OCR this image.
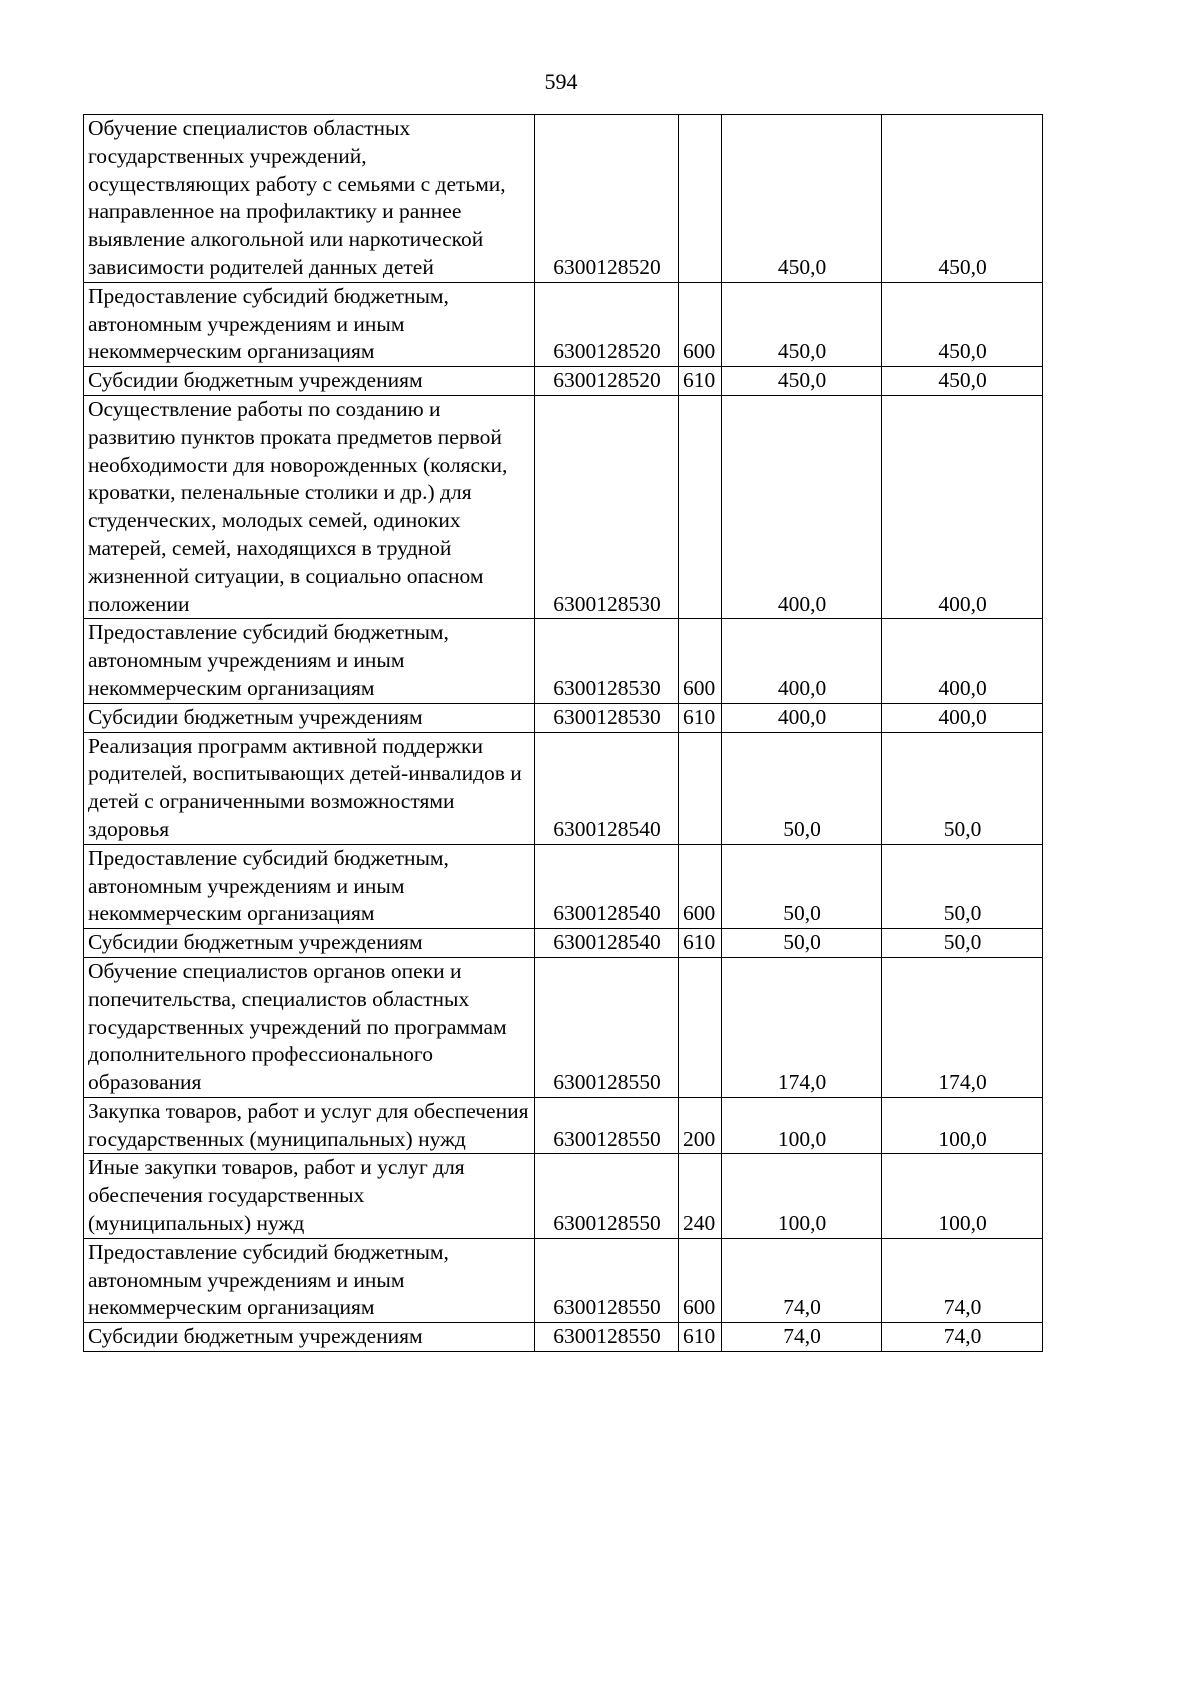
594
Обучение специалистов областных государственных учреждений, осуществляющих работу с семьями с детьми, направленное на профилактику и раннее выявление алкогольной или наркотической зависимости родителей данных детей	6300128520		450,0	450,0
Предоставление субсидий бюджетным, автономным учреждениям и иным некоммерческим организациям	6300128520	600	450,0	450,0
Субсидии бюджетным учреждениям	6300128520	610	450,0	450,0
Осуществление работы по созданию и развитию пунктов проката предметов первой необходимости для новорожденных (коляски, кроватки, пеленальные столики и др.) для студенческих, молодых семей, одиноких матерей, семей, находящихся в трудной жизненной ситуации, в социально опасном положении	6300128530		400,0	400,0
Предоставление субсидий бюджетным, автономным учреждениям и иным некоммерческим организациям	6300128530	600	400,0	400,0
Субсидии бюджетным учреждениям	6300128530	610	400,0	400,0
Реализация программ активной поддержки родителей, воспитывающих детей-инвалидов и детей с ограниченными возможностями здоровья	6300128540		50,0	50,0
Предоставление субсидий бюджетным, автономным учреждениям и иным некоммерческим организациям	6300128540	600	50,0	50,0
Субсидии бюджетным учреждениям	6300128540	610	50,0	50,0
Обучение специалистов органов опеки и попечительства, специалистов областных государственных учреждений по программам дополнительного профессионального образования	6300128550		174,0	174,0
Закупка товаров, работ и услуг для обеспечения государственных (муниципальных) нужд	6300128550	200	100,0	100,0
Иные закупки товаров, работ и услуг для обеспечения государственных (муниципальных) нужд	6300128550	240	100,0	100,0
Предоставление субсидий бюджетным, автономным учреждениям и иным некоммерческим организациям	6300128550	600	74,0	74,0
Субсидии бюджетным учреждениям	6300128550	610	74,0	74,0
